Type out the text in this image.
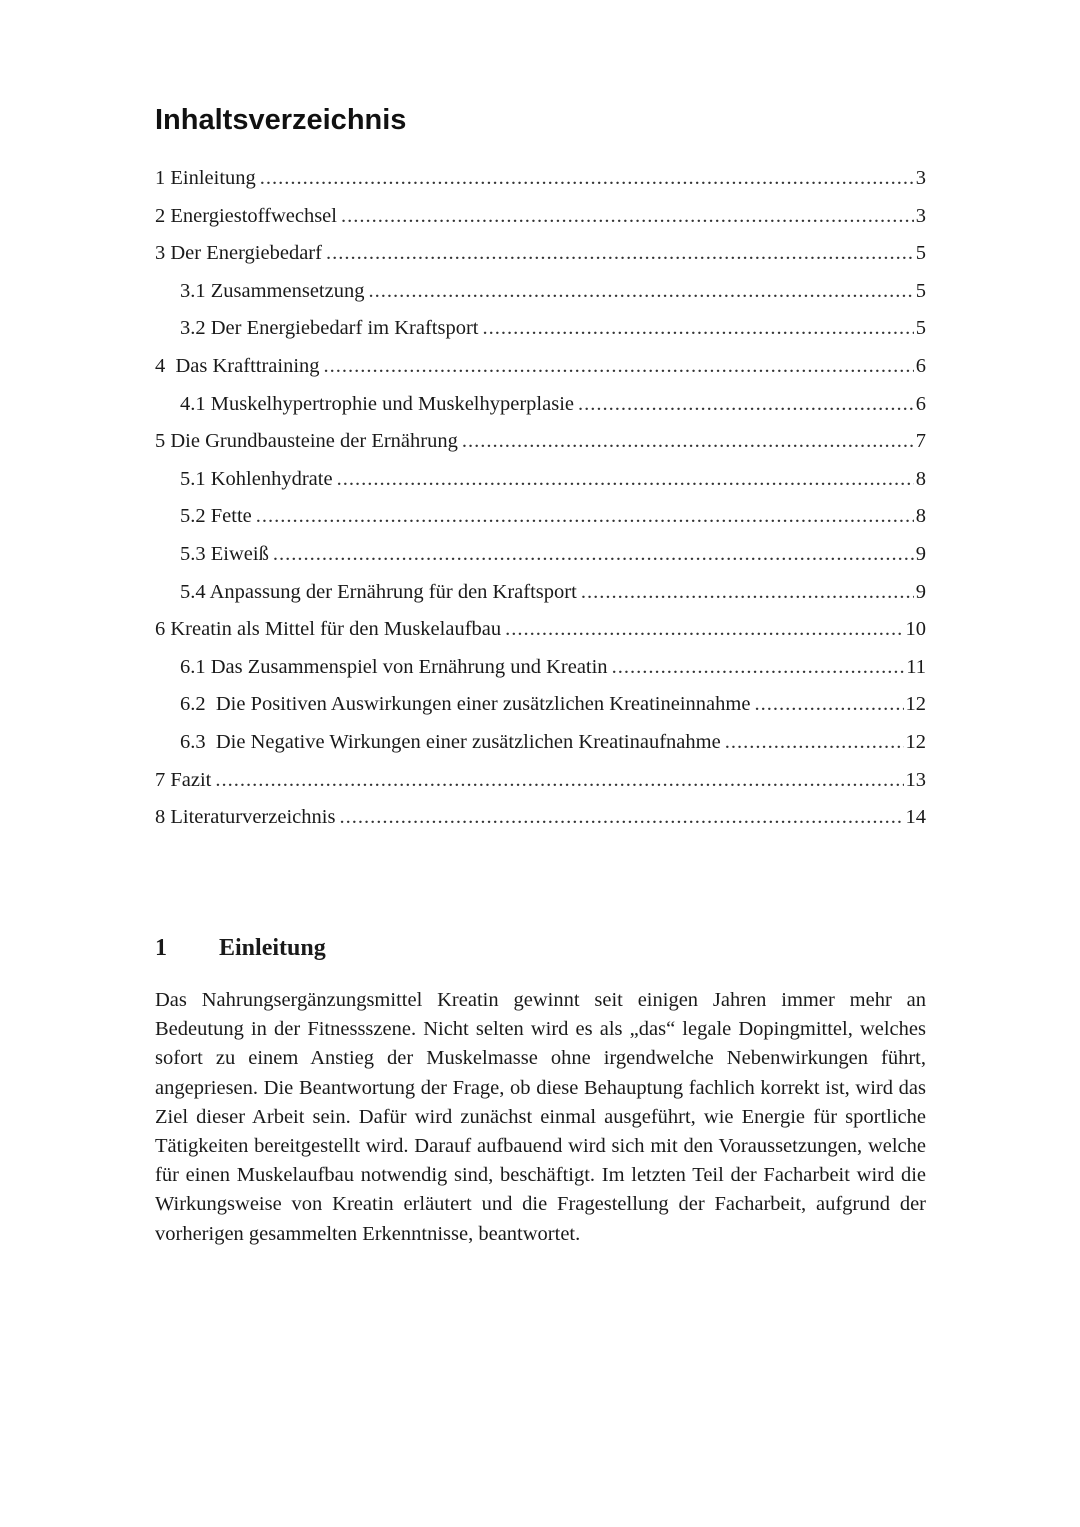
Inhaltsverzeichnis
1 Einleitung .....	3
2 Energiestoffwechsel .....	3
3 Der Energiebedarf .....	5
3.1 Zusammensetzung .....	5
3.2 Der Energiebedarf im Kraftsport .....	5
4  Das Krafttraining .....	6
4.1 Muskelhypertrophie und Muskelhyperplasie .....	6
5 Die Grundbausteine der Ernährung .....	7
5.1 Kohlenhydrate .....	8
5.2 Fette .....	8
5.3 Eiweiß .....	9
5.4 Anpassung der Ernährung für den Kraftsport .....	9
6 Kreatin als Mittel für den Muskelaufbau .....	10
6.1 Das Zusammenspiel von Ernährung und Kreatin .....	11
6.2  Die Positiven Auswirkungen einer zusätzlichen Kreatineinnahme .....	12
6.3  Die Negative Wirkungen einer zusätzlichen Kreatinaufnahme .....	12
7 Fazit .....	13
8 Literaturverzeichnis .....	14
1	Einleitung

Das Nahrungsergänzungsmittel Kreatin gewinnt seit einigen Jahren immer mehr an Bedeutung in der Fitnessszene. Nicht selten wird es als „das“ legale Dopingmittel, welches sofort zu einem Anstieg der Muskelmasse ohne irgendwelche Nebenwirkungen führt, angepriesen. Die Beantwortung der Frage, ob diese Behauptung fachlich korrekt ist, wird das Ziel dieser Arbeit sein. Dafür wird zunächst einmal ausgeführt, wie Energie für sportliche Tätigkeiten bereitgestellt wird. Darauf aufbauend wird sich mit den Voraussetzungen, welche für einen Muskelaufbau notwendig sind, beschäftigt. Im letzten Teil der Facharbeit wird die Wirkungsweise von Kreatin erläutert und die Fragestellung der Facharbeit, aufgrund der vorherigen gesammelten Erkenntnisse, beantwortet.
